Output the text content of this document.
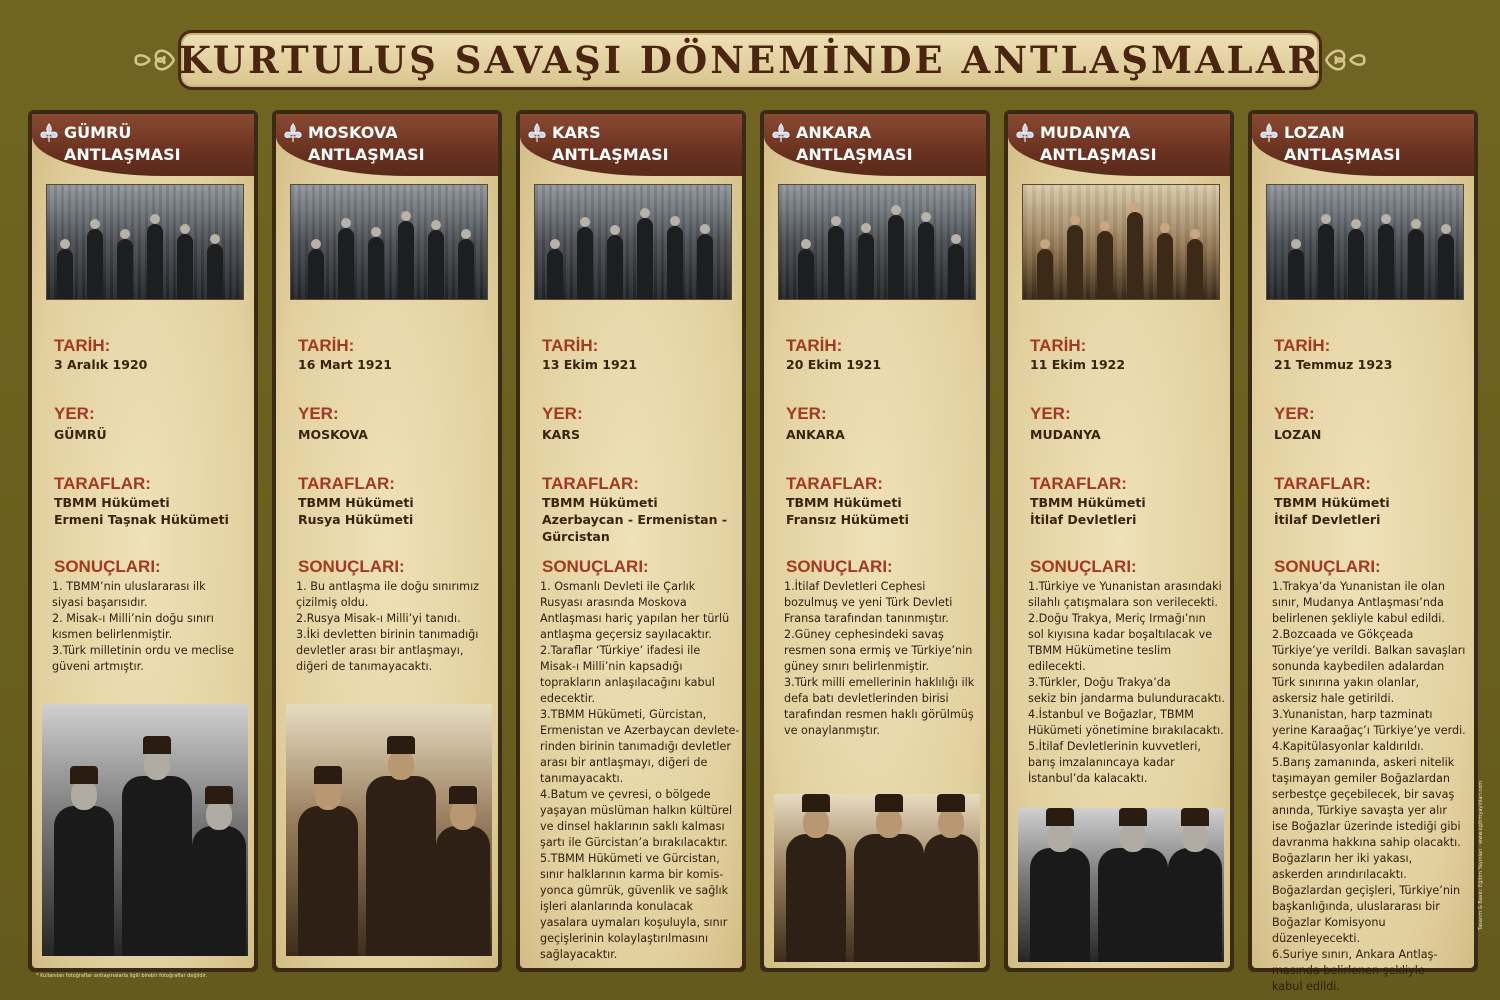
KURTULUŞ SAVAŞI DÖNEMİNDE ANTLAŞMALAR
GÜMRÜ
ANTLAŞMASI
TARİH:
3 Aralık 1920
YER:
GÜMRÜ
TARAFLAR:
TBMM Hükümeti
Ermeni Taşnak Hükümeti
SONUÇLARI:
1. TBMM’nin uluslararası ilk
siyasi başarısıdır.
2. Misak-ı Milli’nin doğu sınırı
kısmen belirlenmiştir.
3.Türk milletinin ordu ve meclise
güveni artmıştır.
MOSKOVA
ANTLAŞMASI
TARİH:
16 Mart 1921
YER:
MOSKOVA
TARAFLAR:
TBMM Hükümeti
Rusya Hükümeti
SONUÇLARI:
1. Bu antlaşma ile doğu sınırımız
çizilmiş oldu.
2.Rusya Misak-ı Milli’yi tanıdı.
3.İki devletten birinin tanımadığı
devletler arası bir antlaşmayı,
diğeri de tanımayacaktı.
KARS
ANTLAŞMASI
TARİH:
13 Ekim 1921
YER:
KARS
TARAFLAR:
TBMM Hükümeti
Azerbaycan - Ermenistan -
Gürcistan
SONUÇLARI:
1. Osmanlı Devleti ile Çarlık
Rusyası arasında Moskova
Antlaşması hariç yapılan her türlü
antlaşma geçersiz sayılacaktır.
2.Taraflar ‘Türkiye’ ifadesi ile
Misak-ı Milli’nin kapsadığı
toprakların anlaşılacağını kabul
edecektir.
3.TBMM Hükümeti, Gürcistan,
Ermenistan ve Azerbaycan devlete-
rinden birinin tanımadığı devletler
arası bir antlaşmayı, diğeri de
tanımayacaktı.
4.Batum ve çevresi, o bölgede
yaşayan müslüman halkın kültürel
ve dinsel haklarının saklı kalması
şartı ile Gürcistan’a bırakılacaktır.
5.TBMM Hükümeti ve Gürcistan,
sınır halklarının karma bir komis-
yonca gümrük, güvenlik ve sağlık
işleri alanlarında konulacak
yasalara uymaları koşuluyla, sınır
geçişlerinin kolaylaştırılmasını
sağlayacaktır.
ANKARA
ANTLAŞMASI
TARİH:
20 Ekim 1921
YER:
ANKARA
TARAFLAR:
TBMM Hükümeti
Fransız Hükümeti
SONUÇLARI:
1.İtilaf Devletleri Cephesi
bozulmuş ve yeni Türk Devleti
Fransa tarafından tanınmıştır.
2.Güney cephesindeki savaş
resmen sona ermiş ve Türkiye’nin
güney sınırı belirlenmiştir.
3.Türk milli emellerinin haklılığı ilk
defa batı devletlerinden birisi
tarafından resmen haklı görülmüş
ve onaylanmıştır.
MUDANYA
ANTLAŞMASI
TARİH:
11 Ekim 1922
YER:
MUDANYA
TARAFLAR:
TBMM Hükümeti
İtilaf Devletleri
SONUÇLARI:
1.Türkiye ve Yunanistan arasındaki
silahlı çatışmalara son verilecekti.
2.Doğu Trakya, Meriç Irmağı’nın
sol kıyısına kadar boşaltılacak ve
TBMM Hükümetine teslim edilecekti.
3.Türkler, Doğu Trakya’da
sekiz bin jandarma bulunduracaktı.
4.İstanbul ve Boğazlar, TBMM
Hükümeti yönetimine bırakılacaktı.
5.İtilaf Devletlerinin kuvvetleri,
barış imzalanıncaya kadar
İstanbul’da kalacaktı.
LOZAN
ANTLAŞMASI
TARİH:
21 Temmuz 1923
YER:
LOZAN
TARAFLAR:
TBMM Hükümeti
İtilaf Devletleri
SONUÇLARI:
1.Trakya’da Yunanistan ile olan
sınır, Mudanya Antlaşması’nda
belirlenen şekliyle kabul edildi.
2.Bozcaada ve Gökçeada
Türkiye’ye verildi. Balkan savaşları
sonunda kaybedilen adalardan
Türk sınırına yakın olanlar,
askersiz hale getirildi.
3.Yunanistan, harp tazminatı
yerine Karaağaç’ı Türkiye’ye verdi.
4.Kapitülasyonlar kaldırıldı.
5.Barış zamanında, askeri nitelik
taşımayan gemiler Boğazlardan
serbestçe geçebilecek, bir savaş
anında, Türkiye savaşta yer alır
ise Boğazlar üzerinde istediği gibi
davranma hakkına sahip olacaktı.
Boğazların her iki yakası,
askerden arındırılacaktı.
Boğazlardan geçişleri, Türkiye’nin
başkanlığında, uluslararası bir
Boğazlar Komisyonu düzenleyecekti.
6.Suriye sınırı, Ankara Antlaş-
masında belirlenen şekliyle
kabul edildi.
* Kullanılan fotoğraflar antlaşmalarla ilgili birebir fotoğraflar değildir.
Tasarım & Baskı: Eğitim Yayınları · www.egitimyayinlari.com
